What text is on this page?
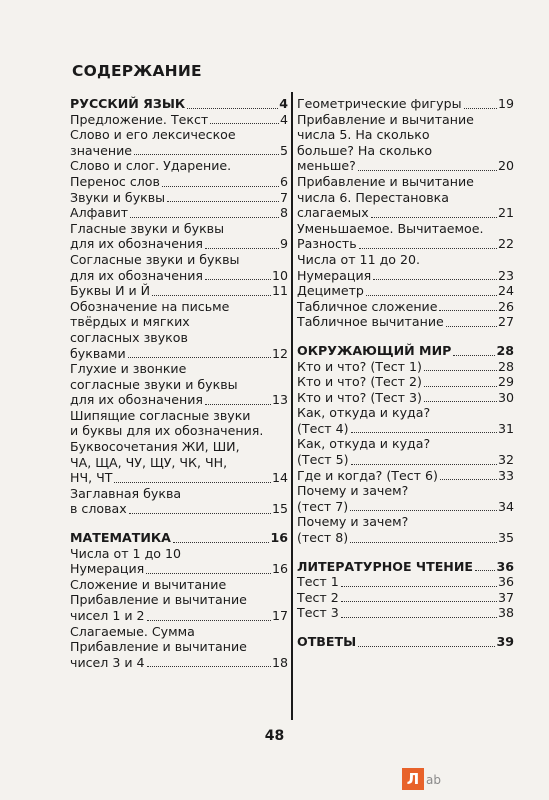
СОДЕРЖАНИЕ
РУССКИЙ ЯЗЫК	4
Предложение. Текст	4
Слово и его лексическое
значение	5
Слово и слог. Ударение.
Перенос слов	6
Звуки и буквы	7
Алфавит	8
Гласные звуки и буквы
для их обозначения	9
Согласные звуки и буквы
для их обозначения	10
Буквы И и Й	11
Обозначение на письме
твёрдых и мягких
согласных звуков
буквами	12
Глухие и звонкие
согласные звуки и буквы
для их обозначения	13
Шипящие согласные звуки
и буквы для их обозначения.
Буквосочетания ЖИ, ШИ,
ЧА, ЩА, ЧУ, ЩУ, ЧК, ЧН,
НЧ, ЧТ	14
Заглавная буква
в словах	15
МАТЕМАТИКА	16
Числа от 1 до 10
Нумерация	16
Сложение и вычитание
Прибавление и вычитание
чисел 1 и 2	17
Слагаемые. Сумма
Прибавление и вычитание
чисел 3 и 4	18
Геометрические фигуры	19
Прибавление и вычитание
числа 5. На сколько
больше? На сколько
меньше?	20
Прибавление и вычитание
числа 6. Перестановка
слагаемых	21
Уменьшаемое. Вычитаемое.
Разность	22
Числа от 11 до 20.
Нумерация	23
Дециметр	24
Табличное сложение	26
Табличное вычитание	27
ОКРУЖАЮЩИЙ МИР	28
Кто и что? (Тест 1)	28
Кто и что? (Тест 2)	29
Кто и что? (Тест 3)	30
Как, откуда и куда?
(Тест 4)	31
Как, откуда и куда?
(Тест 5)	32
Где и когда? (Тест 6)	33
Почему и зачем?
(тест 7)	34
Почему и зачем?
(тест 8)	35
ЛИТЕРАТУРНОЕ ЧТЕНИЕ 36
Тест 1	36
Тест 2	37
Тест 3	38
ОТВЕТЫ	39
48
Л ab
